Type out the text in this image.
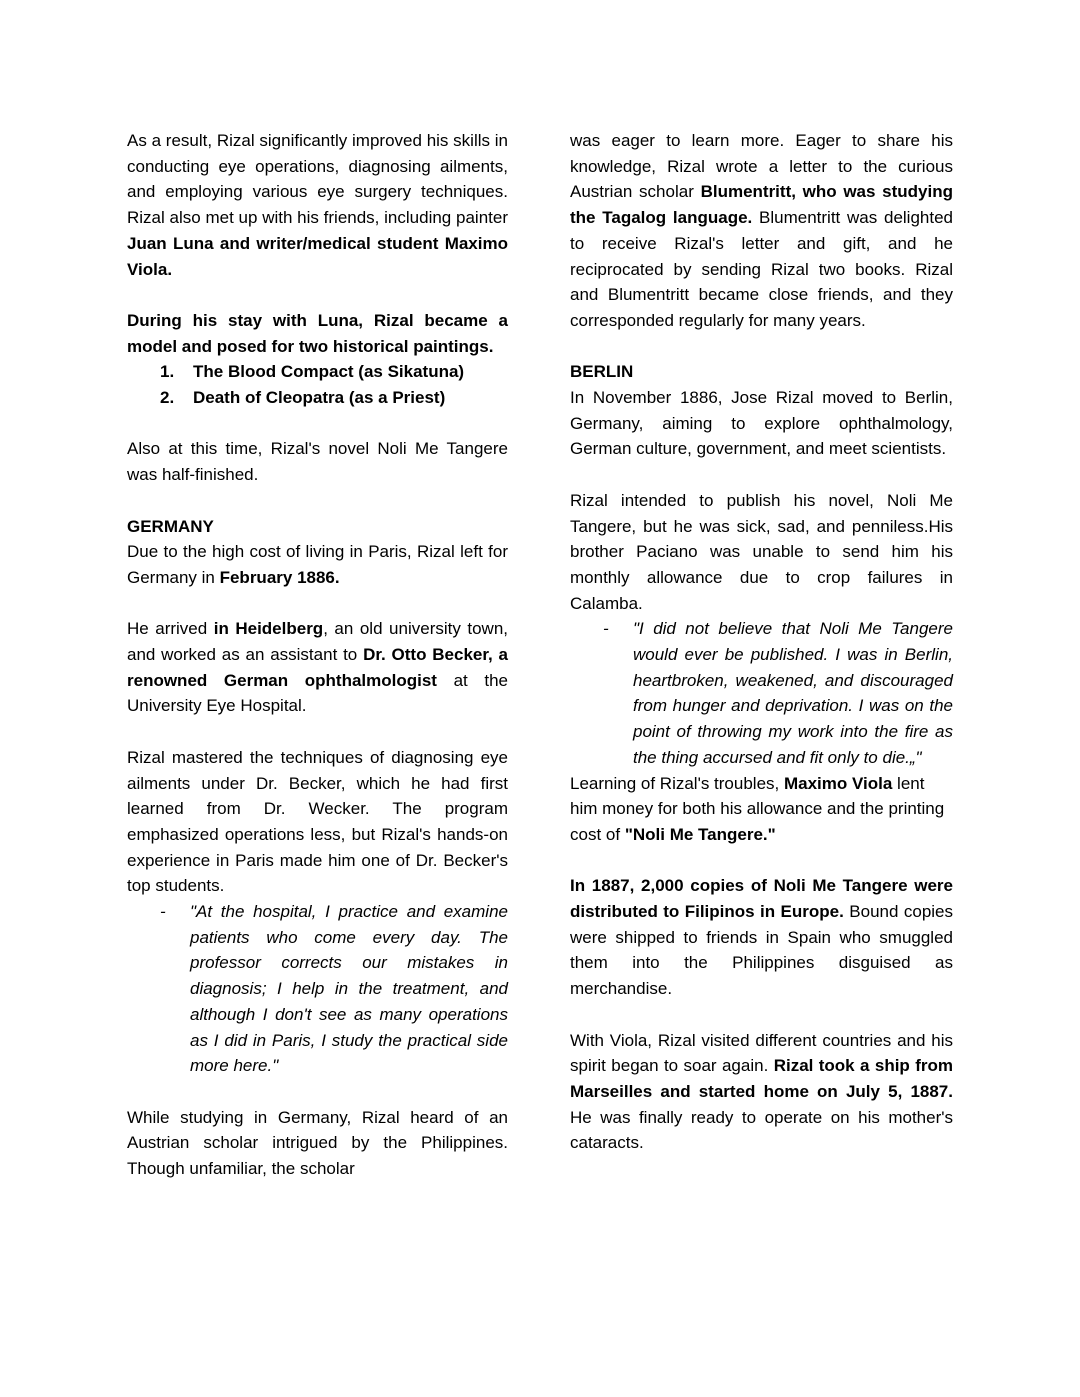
As a result, Rizal significantly improved his skills in conducting eye operations, diagnosing ailments, and employing various eye surgery techniques. Rizal also met up with his friends, including painter Juan Luna and writer/medical student Maximo Viola.

During his stay with Luna, Rizal became a model and posed for two historical paintings.

1.	The Blood Compact (as Sikatuna)
2.	Death of Cleopatra (as a Priest)

Also at this time, Rizal's novel Noli Me Tangere was half-finished.

GERMANY

Due to the high cost of living in Paris, Rizal left for Germany in February 1886.

He arrived in Heidelberg, an old university town, and worked as an assistant to Dr. Otto Becker, a renowned German ophthalmologist at the University Eye Hospital.

Rizal mastered the techniques of diagnosing eye ailments under Dr. Becker, which he had first learned from Dr. Wecker. The program emphasized operations less, but Rizal's hands-on experience in Paris made him one of Dr. Becker's top students.

-	"At the hospital, I practice and examine patients who come every day. The professor corrects our mistakes in diagnosis; I help in the treatment, and although I don't see as many operations as I did in Paris, I study the practical side more here."

While studying in Germany, Rizal heard of an Austrian scholar intrigued by the Philippines. Though unfamiliar, the scholar

was eager to learn more. Eager to share his knowledge, Rizal wrote a letter to the curious Austrian scholar Blumentritt, who was studying the Tagalog language. Blumentritt was delighted to receive Rizal's letter and gift, and he reciprocated by sending Rizal two books. Rizal and Blumentritt became close friends, and they corresponded regularly for many years.

BERLIN

In November 1886, Jose Rizal moved to Berlin, Germany, aiming to explore ophthalmology, German culture, government, and meet scientists.

Rizal intended to publish his novel, Noli Me Tangere, but he was sick, sad, and penniless.His brother Paciano was unable to send him his monthly allowance due to crop failures in Calamba.

-	"I did not believe that Noli Me Tangere would ever be published. I was in Berlin, heartbroken, weakened, and discouraged from hunger and deprivation. I was on the point of throwing my work into the fire as the thing accursed and fit only to die.„"

Learning of Rizal's troubles, Maximo Viola lent him money for both his allowance and the printing cost of "Noli Me Tangere."

In 1887, 2,000 copies of Noli Me Tangere were distributed to Filipinos in Europe. Bound copies were shipped to friends in Spain who smuggled them into the Philippines disguised as merchandise.

With Viola, Rizal visited different countries and his spirit began to soar again. Rizal took a ship from Marseilles and started home on July 5, 1887. He was finally ready to operate on his mother's cataracts.
